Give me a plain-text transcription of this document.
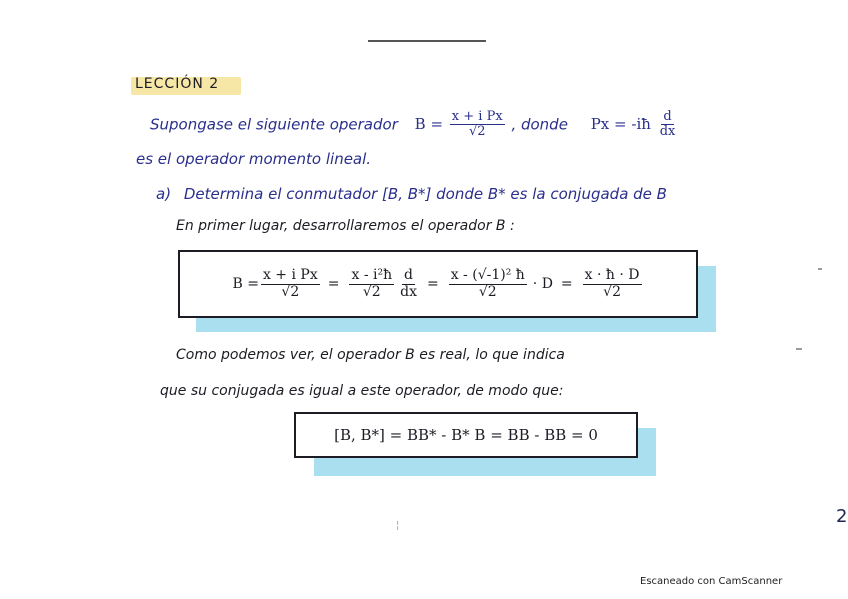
LECCIÓN 2
Supongase el siguiente operador $B = \frac{\text{x + i Px}}{√2}$ , donde Px = -iħ $\frac{d}{dx}$
es el operador momento lineal.
a) Determina el conmutador [B, B*] donde B* es la conjugada de B
En primer lugar, desarrollaremos el operador B :
$B = \frac{\text{x + i Px}}{√2} = \frac{\text{x - i²ħ}}{√2} \frac{d}{dx} = \frac{\text{x - (√-1)² ħ}}{√2} \cdot D = \frac{x \cdot ħ \cdot D}{√2}$
Como podemos ver, el operador B es real, lo que indica
que su conjugada es igual a este operador, de modo que:
[B, B*] = BB* - B* B = BB - BB = 0
¦	2
Escaneado con CamScanner
